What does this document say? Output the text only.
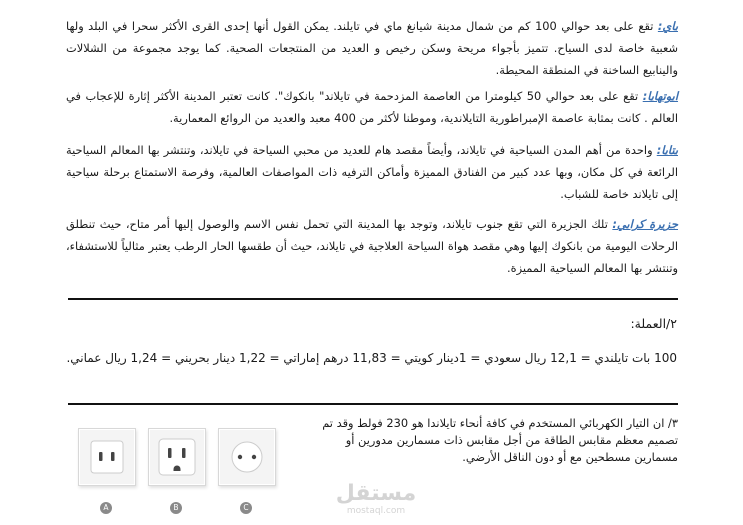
باي: تقع على بعد حوالي 100 كم من شمال مدينة شيانغ ماي في تايلند. يمكن القول أنها إحدى القرى الأكثر سحرا في البلد ولها شعبية خاصة لدى السياح. تتميز بأجواء مريحة وسكن رخيص و العديد من المنتجعات الصحية. كما يوجد مجموعة من الشلالات والينابيع الساخنة في المنطقة المحيطة.

ايوتهايا: تقع على بعد حوالي 50 كيلومترا من العاصمة المزدحمة في تايلاند" بانكوك". كانت تعتبر المدينة الأكثر إثارة للإعجاب في العالم . كانت بمثابة عاصمة الإمبراطورية التايلاندية، وموطنا لأكثر من 400 معبد والعديد من الروائع المعمارية.

بتايا: واحدة من أهم المدن السياحية في تايلاند، وأيضاً مقصد هام للعديد من محبي السياحة في تايلاند، وتنتشر بها المعالم السياحية الرائعة في كل مكان، وبها عدد كبير من الفنادق المميزة وأماكن الترفيه ذات المواصفات العالمية، وفرصة الاستمتاع برحلة سياحية إلى تايلاند خاصة للشباب.

جزيرة كرابي: تلك الجزيرة التي تقع جنوب تايلاند، وتوجد بها المدينة التي تحمل نفس الاسم والوصول إليها أمر متاح، حيث تنطلق الرحلات اليومية من بانكوك إليها وهي مقصد هواة السياحة العلاجية في تايلاند، حيث أن طقسها الحار الرطب يعتبر مثالياً للاستشفاء، وتنتشر بها المعالم السياحية المميزة.

٢/العملة:
100 بات تايلندي = 12,1 ريال سعودي = 1دينار كويتي = 11,83 درهم إماراتي = 1,22 دينار بحريني = 1,24 ريال عماني.
٣/ ان التيار الكهربائي المستخدم في كافة أنحاء تايلاندا هو 230 فولط وقد تم تصميم معظم مقابس الطاقة من أجل مقابس ذات مسمارين مدورين أو مسمارين مسطحين مع أو دون الناقل الأرضي.
A	B	C
مستقل
mostaql.com
